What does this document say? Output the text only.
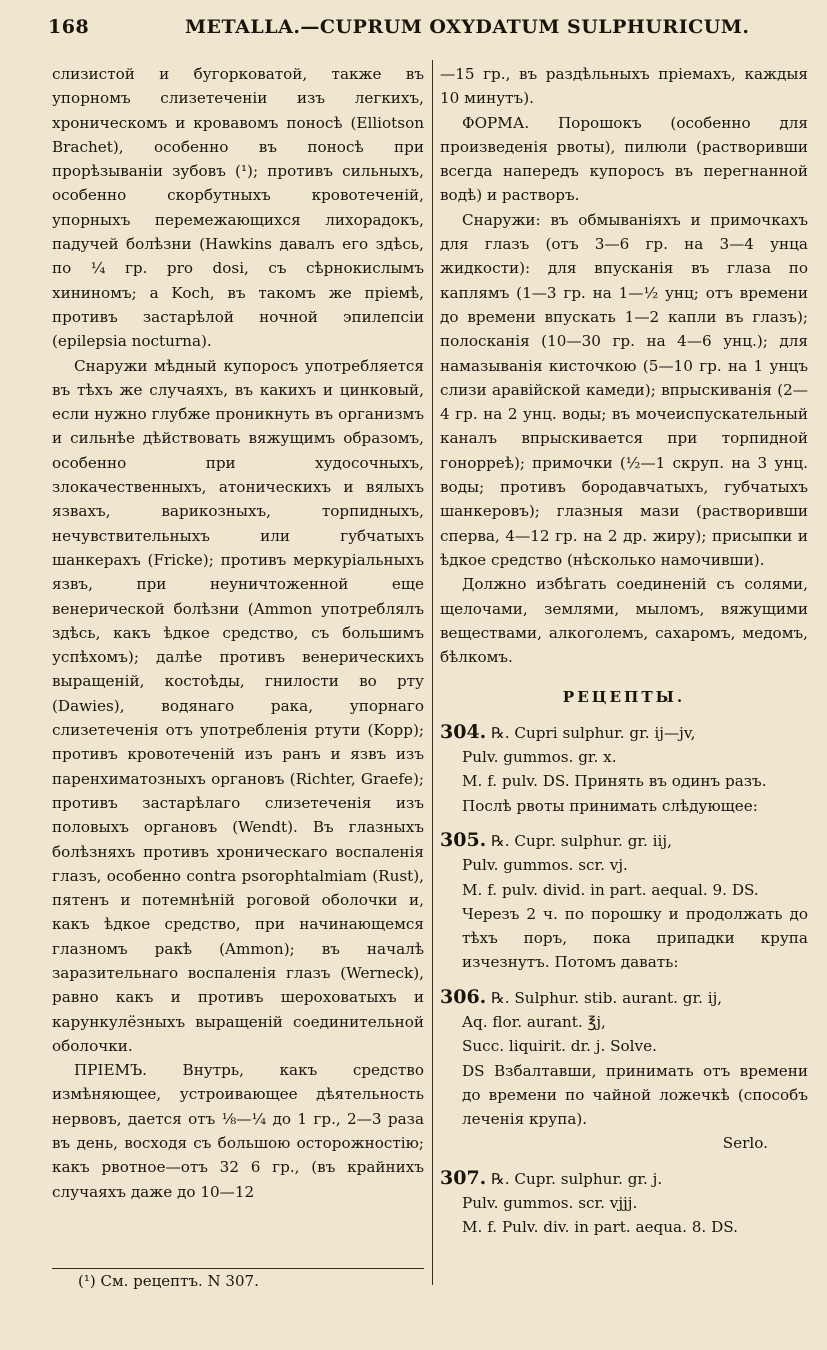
168	METALLA.—CUPRUM OXYDATUM SULPHURICUM.

слизистой и бугорковатой, также въ упорномъ слизетеченіи изъ легкихъ, хроническомъ и кровавомъ поносѣ (Elliotson Brachet), особенно въ поносѣ при прорѣзываніи зубовъ (¹); противъ сильныхъ, особенно скорбутныхъ кровотеченій, упорныхъ перемежающихся лихорадокъ, падучей болѣзни (Hawkins давалъ его здѣсь, по ¼ гр. pro dosi, съ сѣрнокислымъ хининомъ; a Koch, въ такомъ же пріемѣ, противъ застарѣлой ночной эпилепсіи (epilepsia nocturna).

Снаружи мѣдный купоросъ употребляется въ тѣхъ же случаяхъ, въ какихъ и цинковый, если нужно глубже проникнуть въ организмъ и сильнѣе дѣйствовать вяжущимъ образомъ, особенно при худосочныхъ, злокачественныхъ, атоническихъ и вялыхъ язвахъ, варикозныхъ, торпидныхъ, нечувствительныхъ или губчатыхъ шанкерахъ (Fricke); противъ меркуріальныхъ язвъ, при неуничтоженной еще венерической болѣзни (Ammon употреблялъ здѣсь, какъ ѣдкое средство, съ большимъ успѣхомъ); далѣе противъ венерическихъ выращеній, костоѣды, гнилости во рту (Dawies), водянаго рака, упорнаго слизетеченія отъ употребленія ртути (Kopp); противъ кровотеченій изъ ранъ и язвъ изъ паренхиматозныхъ органовъ (Richter, Graefe); противъ застарѣлаго слизетеченія изъ половыхъ органовъ (Wendt). Въ глазныхъ болѣзняхъ противъ хроническаго воспаленія глазъ, особенно contra psorophtalmiam (Rust), пятенъ и потемнѣній роговой оболочки и, какъ ѣдкое средство, при начинающемся глазномъ ракѣ (Ammon); въ началѣ заразительнаго воспаленія глазъ (Werneck), равно какъ и противъ шероховатыхъ и карункулёзныхъ выращеній соединительной оболочки.

ПРІЕМЪ. Внутрь, какъ средство измѣняющее, устроивающее дѣятельность нервовъ, дается отъ ⅛—¼ до 1 гр., 2—3 раза въ день, восходя съ большою осторожностію; какъ рвотное—отъ 32 6 гр., (въ крайнихъ случаяхъ даже до 10—12

(¹) См. рецептъ. N 307.

—15 гр., въ раздѣльныхъ пріемахъ, каждыя 10 минутъ).

ФОРМА. Порошокъ (особенно для произведенія рвоты), пилюли (растворивши всегда напередъ купоросъ въ перегнанной водѣ) и растворъ.

Снаружи: въ обмываніяхъ и примочкахъ для глазъ (отъ 3—6 гр. на 3—4 унца жидкости): для впусканія въ глаза по каплямъ (1—3 гр. на 1—½ унц; отъ времени до времени впускать 1—2 капли въ глазъ); полосканія (10—30 гр. на 4—6 унц.); для намазыванія кисточкою (5—10 гр. на 1 унцъ слизи аравійской камеди); впрыскиванія (2—4 гр. на 2 унц. воды; въ мочеиспускательный каналъ впрыскивается при торпидной гонорреѣ); примочки (½—1 скруп. на 3 унц. воды; противъ бородавчатыхъ, губчатыхъ шанкеровъ); глазныя мази (растворивши сперва, 4—12 гр. на 2 др. жиру); присыпки и ѣдкое средство (нѣсколько намочивши).

Должно избѣгать соединеній съ солями, щелочами, землями, мыломъ, вяжущими веществами, алкоголемъ, сахаромъ, медомъ, бѣлкомъ.

РЕЦЕПТЫ.
304. ℞. Cupri sulphur. gr. ij—jv,
Pulv. gummos. gr. x.
M. f. pulv. DS. Принять въ одинъ разъ.
Послѣ рвоты принимать слѣдующее:
305. ℞. Cupr. sulphur. gr. iij,
Pulv. gummos. scr. vj.
M. f. pulv. divid. in part. aequal. 9. DS.
Черезъ 2 ч. по порошку и продолжать до тѣхъ поръ, пока припадки крупа изчезнутъ. Потомъ давать:
306. ℞. Sulphur. stib. aurant. gr. ij,
Aq. flor. aurant. ℥j,
Succ. liquirit. dr. j. Solve.
DS Взбалтавши, принимать отъ времени до времени по чайной ложечкѣ (способъ леченія крупа).
Serlo.
307. ℞. Cupr. sulphur. gr. j.
Pulv. gummos. scr. vjjj.
M. f. Pulv. div. in part. aequa. 8. DS.
